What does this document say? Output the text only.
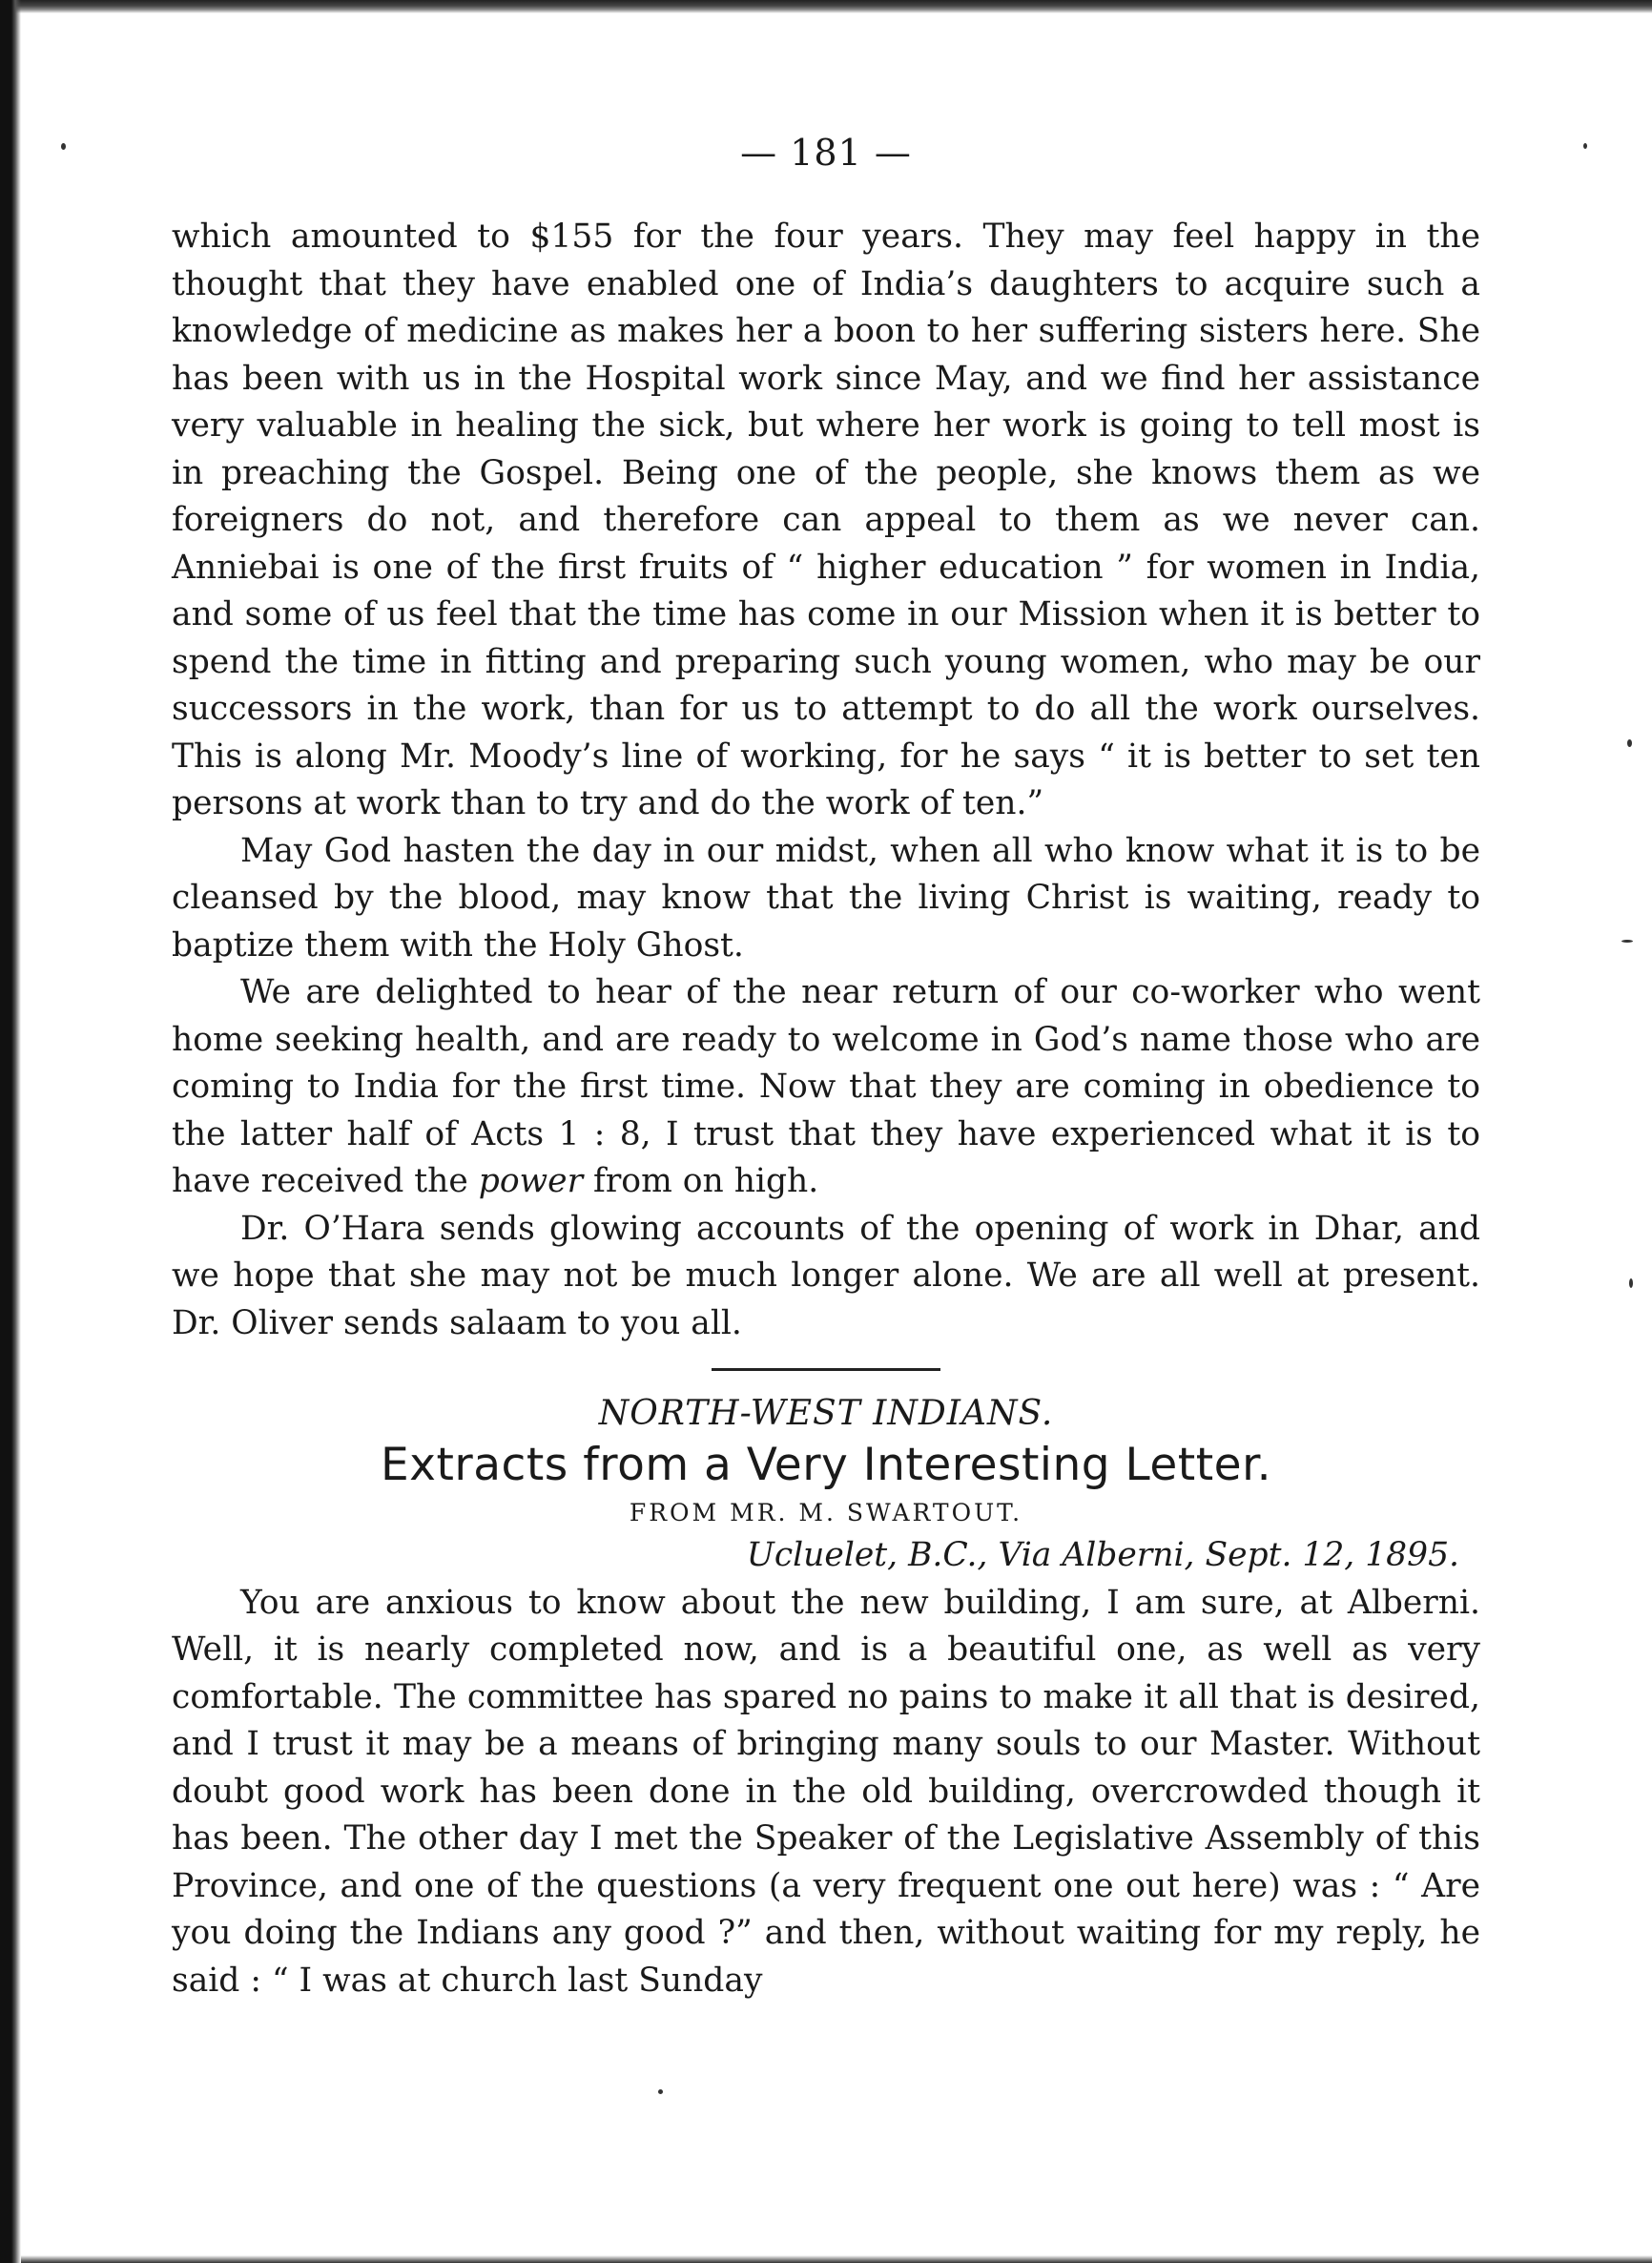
— 181 —

which amounted to $155 for the four years. They may feel happy in the thought that they have enabled one of India’s daughters to acquire such a knowledge of medicine as makes her a boon to her suffering sisters here. She has been with us in the Hospital work since May, and we find her assistance very valuable in healing the sick, but where her work is going to tell most is in preaching the Gospel. Being one of the people, she knows them as we foreigners do not, and therefore can appeal to them as we never can. Anniebai is one of the first fruits of “ higher education ” for women in India, and some of us feel that the time has come in our Mission when it is better to spend the time in fitting and preparing such young women, who may be our successors in the work, than for us to attempt to do all the work ourselves. This is along Mr. Moody’s line of working, for he says “ it is better to set ten persons at work than to try and do the work of ten.”

May God hasten the day in our midst, when all who know what it is to be cleansed by the blood, may know that the living Christ is waiting, ready to baptize them with the Holy Ghost.

We are delighted to hear of the near return of our co-worker who went home seeking health, and are ready to welcome in God’s name those who are coming to India for the first time. Now that they are coming in obedience to the latter half of Acts 1 : 8, I trust that they have experienced what it is to have received the power from on high.

Dr. O’Hara sends glowing accounts of the opening of work in Dhar, and we hope that she may not be much longer alone. We are all well at present. Dr. Oliver sends salaam to you all.

NORTH-WEST INDIANS.
Extracts from a Very Interesting Letter.
FROM MR. M. SWARTOUT.

Ucluelet, B.C., Via Alberni, Sept. 12, 1895.

You are anxious to know about the new building, I am sure, at Alberni. Well, it is nearly completed now, and is a beautiful one, as well as very comfortable. The committee has spared no pains to make it all that is desired, and I trust it may be a means of bringing many souls to our Master. Without doubt good work has been done in the old building, overcrowded though it has been. The other day I met the Speaker of the Legislative Assembly of this Province, and one of the questions (a very frequent one out here) was : “ Are you doing the Indians any good ?” and then, without waiting for my reply, he said : “ I was at church last Sunday
